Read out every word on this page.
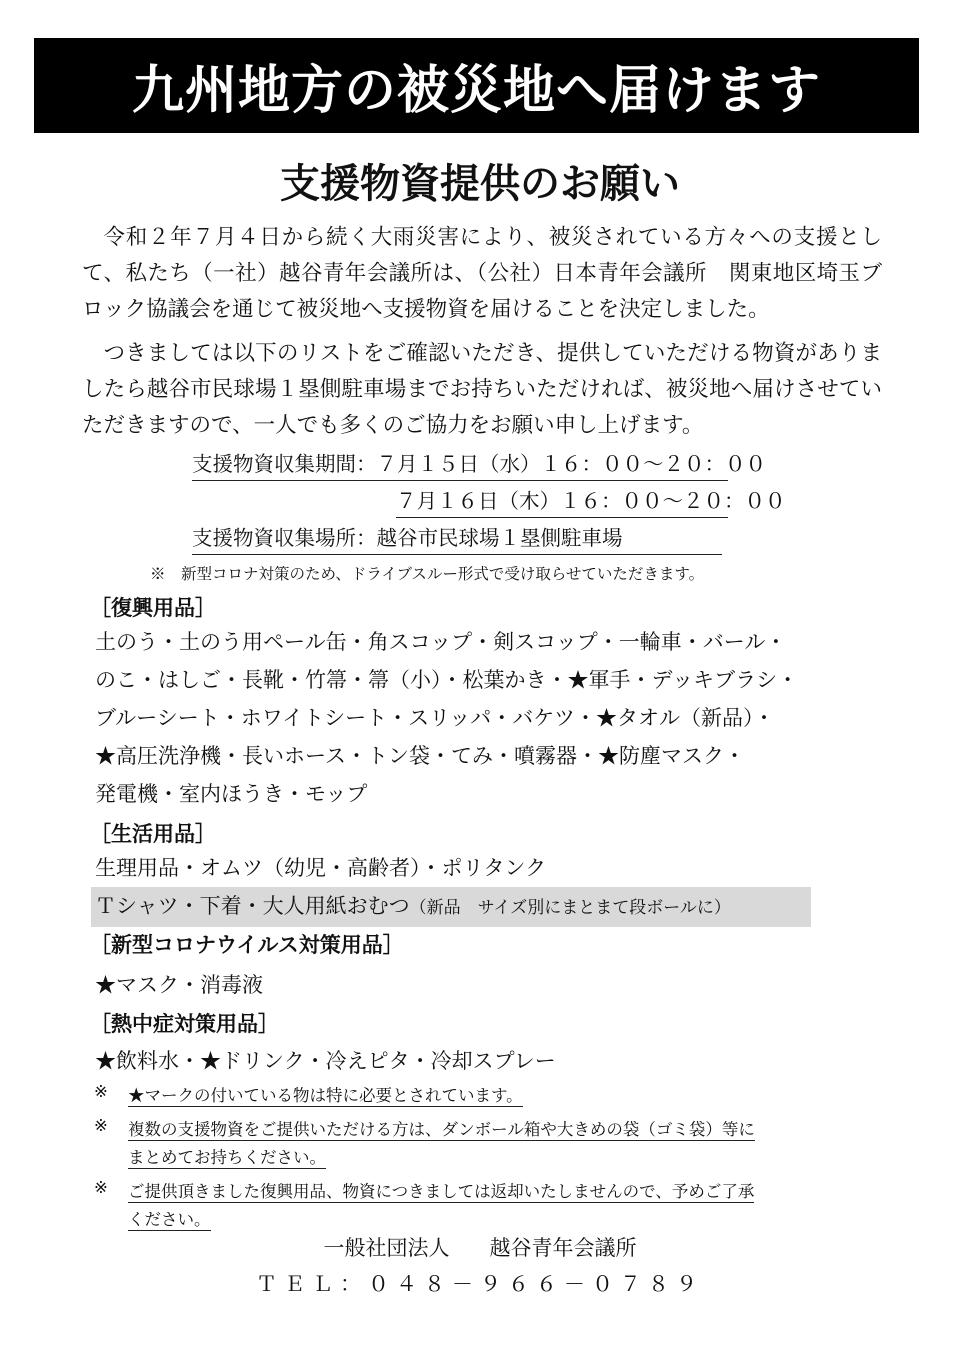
九州地方の被災地へ届けます
支援物資提供のお願い
令和２年７月４日から続く大雨災害により、被災されている方々への支援として、私たち（一社）越谷青年会議所は、（公社）日本青年会議所　関東地区埼玉ブロック協議会を通じて被災地へ支援物資を届けることを決定しました。
つきましては以下のリストをご確認いただき、提供していただける物資がありましたら越谷市民球場１塁側駐車場までお持ちいただければ、被災地へ届けさせていただきますので、一人でも多くのご協力をお願い申し上げます。
支援物資収集期間：７月１５日（水）１６：００～２０：００
７月１６日（木）１６：００～２０：００
支援物資収集場所：越谷市民球場１塁側駐車場
※　新型コロナ対策のため、ドライブスルー形式で受け取らせていただきます。
［復興用品］
土のう・土のう用ペール缶・角スコップ・剣スコップ・一輪車・バール・
のこ・はしご・長靴・竹箒・箒（小）・松葉かき・★軍手・デッキブラシ・
ブルーシート・ホワイトシート・スリッパ・バケツ・★タオル（新品）・
★高圧洗浄機・長いホース・トン袋・てみ・噴霧器・★防塵マスク・
発電機・室内ほうき・モップ
［生活用品］
生理用品・オムツ（幼児・高齢者）・ポリタンク
Ｔシャツ・下着・大人用紙おむつ（新品　サイズ別にまとまて段ボールに）
［新型コロナウイルス対策用品］
★マスク・消毒液
［熱中症対策用品］
★飲料水・★ドリンク・冷えピタ・冷却スプレー
※ ★マークの付いている物は特に必要とされています。
※ 複数の支援物資をご提供いただける方は、ダンボール箱や大きめの袋（ゴミ袋）等に
まとめてお持ちください。
※ ご提供頂きました復興用品、物資につきましては返却いたしませんので、予めご了承
ください。
一般社団法人 越谷青年会議所
ＴＥＬ：０４８－９６６－０７８９
